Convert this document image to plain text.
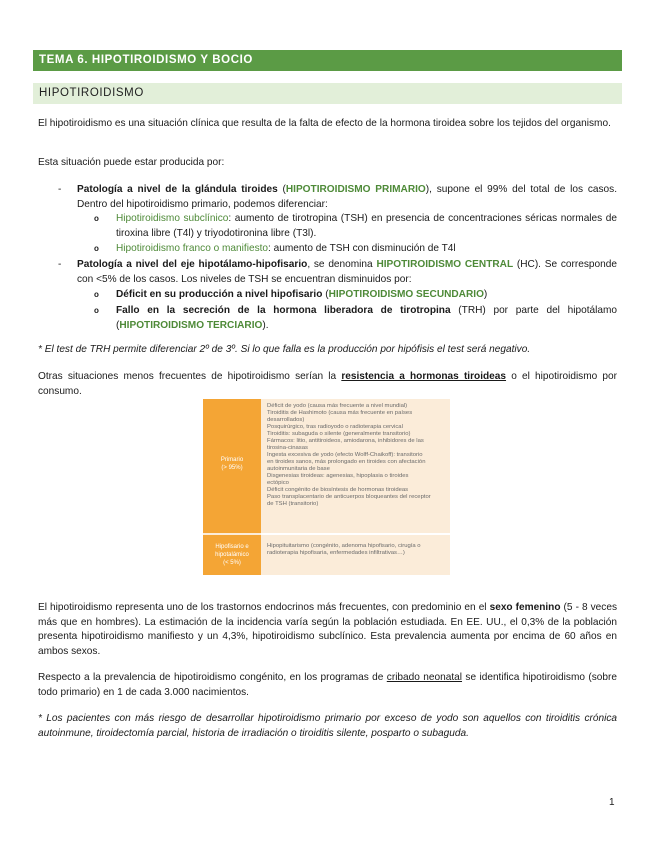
TEMA 6. HIPOTIROIDISMO Y BOCIO
HIPOTIROIDISMO

El hipotiroidismo es una situación clínica que resulta de la falta de efecto de la hormona tiroidea sobre los tejidos del organismo.

Esta situación puede estar producida por:

- Patología a nivel de la glándula tiroides (HIPOTIROIDISMO PRIMARIO), supone el 99% del total de los casos. Dentro del hipotiroidismo primario, podemos diferenciar:
o Hipotiroidismo subclínico: aumento de tirotropina (TSH) en presencia de concentraciones séricas normales de tiroxina libre (T4l) y triyodotironina libre (T3l).
o Hipotiroidismo franco o manifiesto: aumento de TSH con disminución de T4l
- Patología a nivel del eje hipotálamo-hipofisario, se denomina HIPOTIROIDISMO CENTRAL (HC). Se corresponde con <5% de los casos. Los niveles de TSH se encuentran disminuidos por:
o Déficit en su producción a nivel hipofisario (HIPOTIROIDISMO SECUNDARIO)
o Fallo en la secreción de la hormona liberadora de tirotropina (TRH) por parte del hipotálamo (HIPOTIROIDISMO TERCIARIO).

* El test de TRH permite diferenciar 2º de 3º. Si lo que falla es la producción por hipófisis el test será negativo.

Otras situaciones menos frecuentes de hipotiroidismo serían la resistencia a hormonas tiroideas o el hipotiroidismo por consumo.

Primario
(> 95%)
Hipofisario e
hipotalámico
(< 5%)
Déficit de yodo (causa más frecuente a nivel mundial)
Tiroiditis de Hashimoto (causa más frecuente en países
desarrollados)
Posquirúrgico, tras radioyodo o radioterapia cervical
Tiroiditis: subaguda o silente (generalmente transitorio)
Fármacos: litio, antitiroideos, amiodarona, inhibidores de las
tirosina-cinasas
Ingesta excesiva de yodo (efecto Wolff-Chaikoff): transitorio
en tiroides sanos, más prolongado en tiroides con afectación
autoinmunitaria de base
Disgenesias tiroideas: agenesias, hipoplasia o tiroides
ectópico
Déficit congénito de biosíntesis de hormonas tiroideas
Paso transplacentario de anticuerpos bloqueantes del receptor
de TSH (transitorio)
Hipopituitarismo (congénito, adenoma hipofisario, cirugía o
radioterapia hipofisaria, enfermedades infiltrativas…)

El hipotiroidismo representa uno de los trastornos endocrinos más frecuentes, con predominio en el sexo femenino (5 - 8 veces más que en hombres). La estimación de la incidencia varía según la población estudiada. En EE. UU., el 0,3% de la población presenta hipotiroidismo manifiesto y un 4,3%, hipotiroidismo subclínico. Esta prevalencia aumenta por encima de 60 años en ambos sexos.

Respecto a la prevalencia de hipotiroidismo congénito, en los programas de cribado neonatal se identifica hipotiroidismo (sobre todo primario) en 1 de cada 3.000 nacimientos.

* Los pacientes con más riesgo de desarrollar hipotiroidismo primario por exceso de yodo son aquellos con tiroiditis crónica autoinmune, tiroidectomía parcial, historia de irradiación o tiroiditis silente, posparto o subaguda.

1
